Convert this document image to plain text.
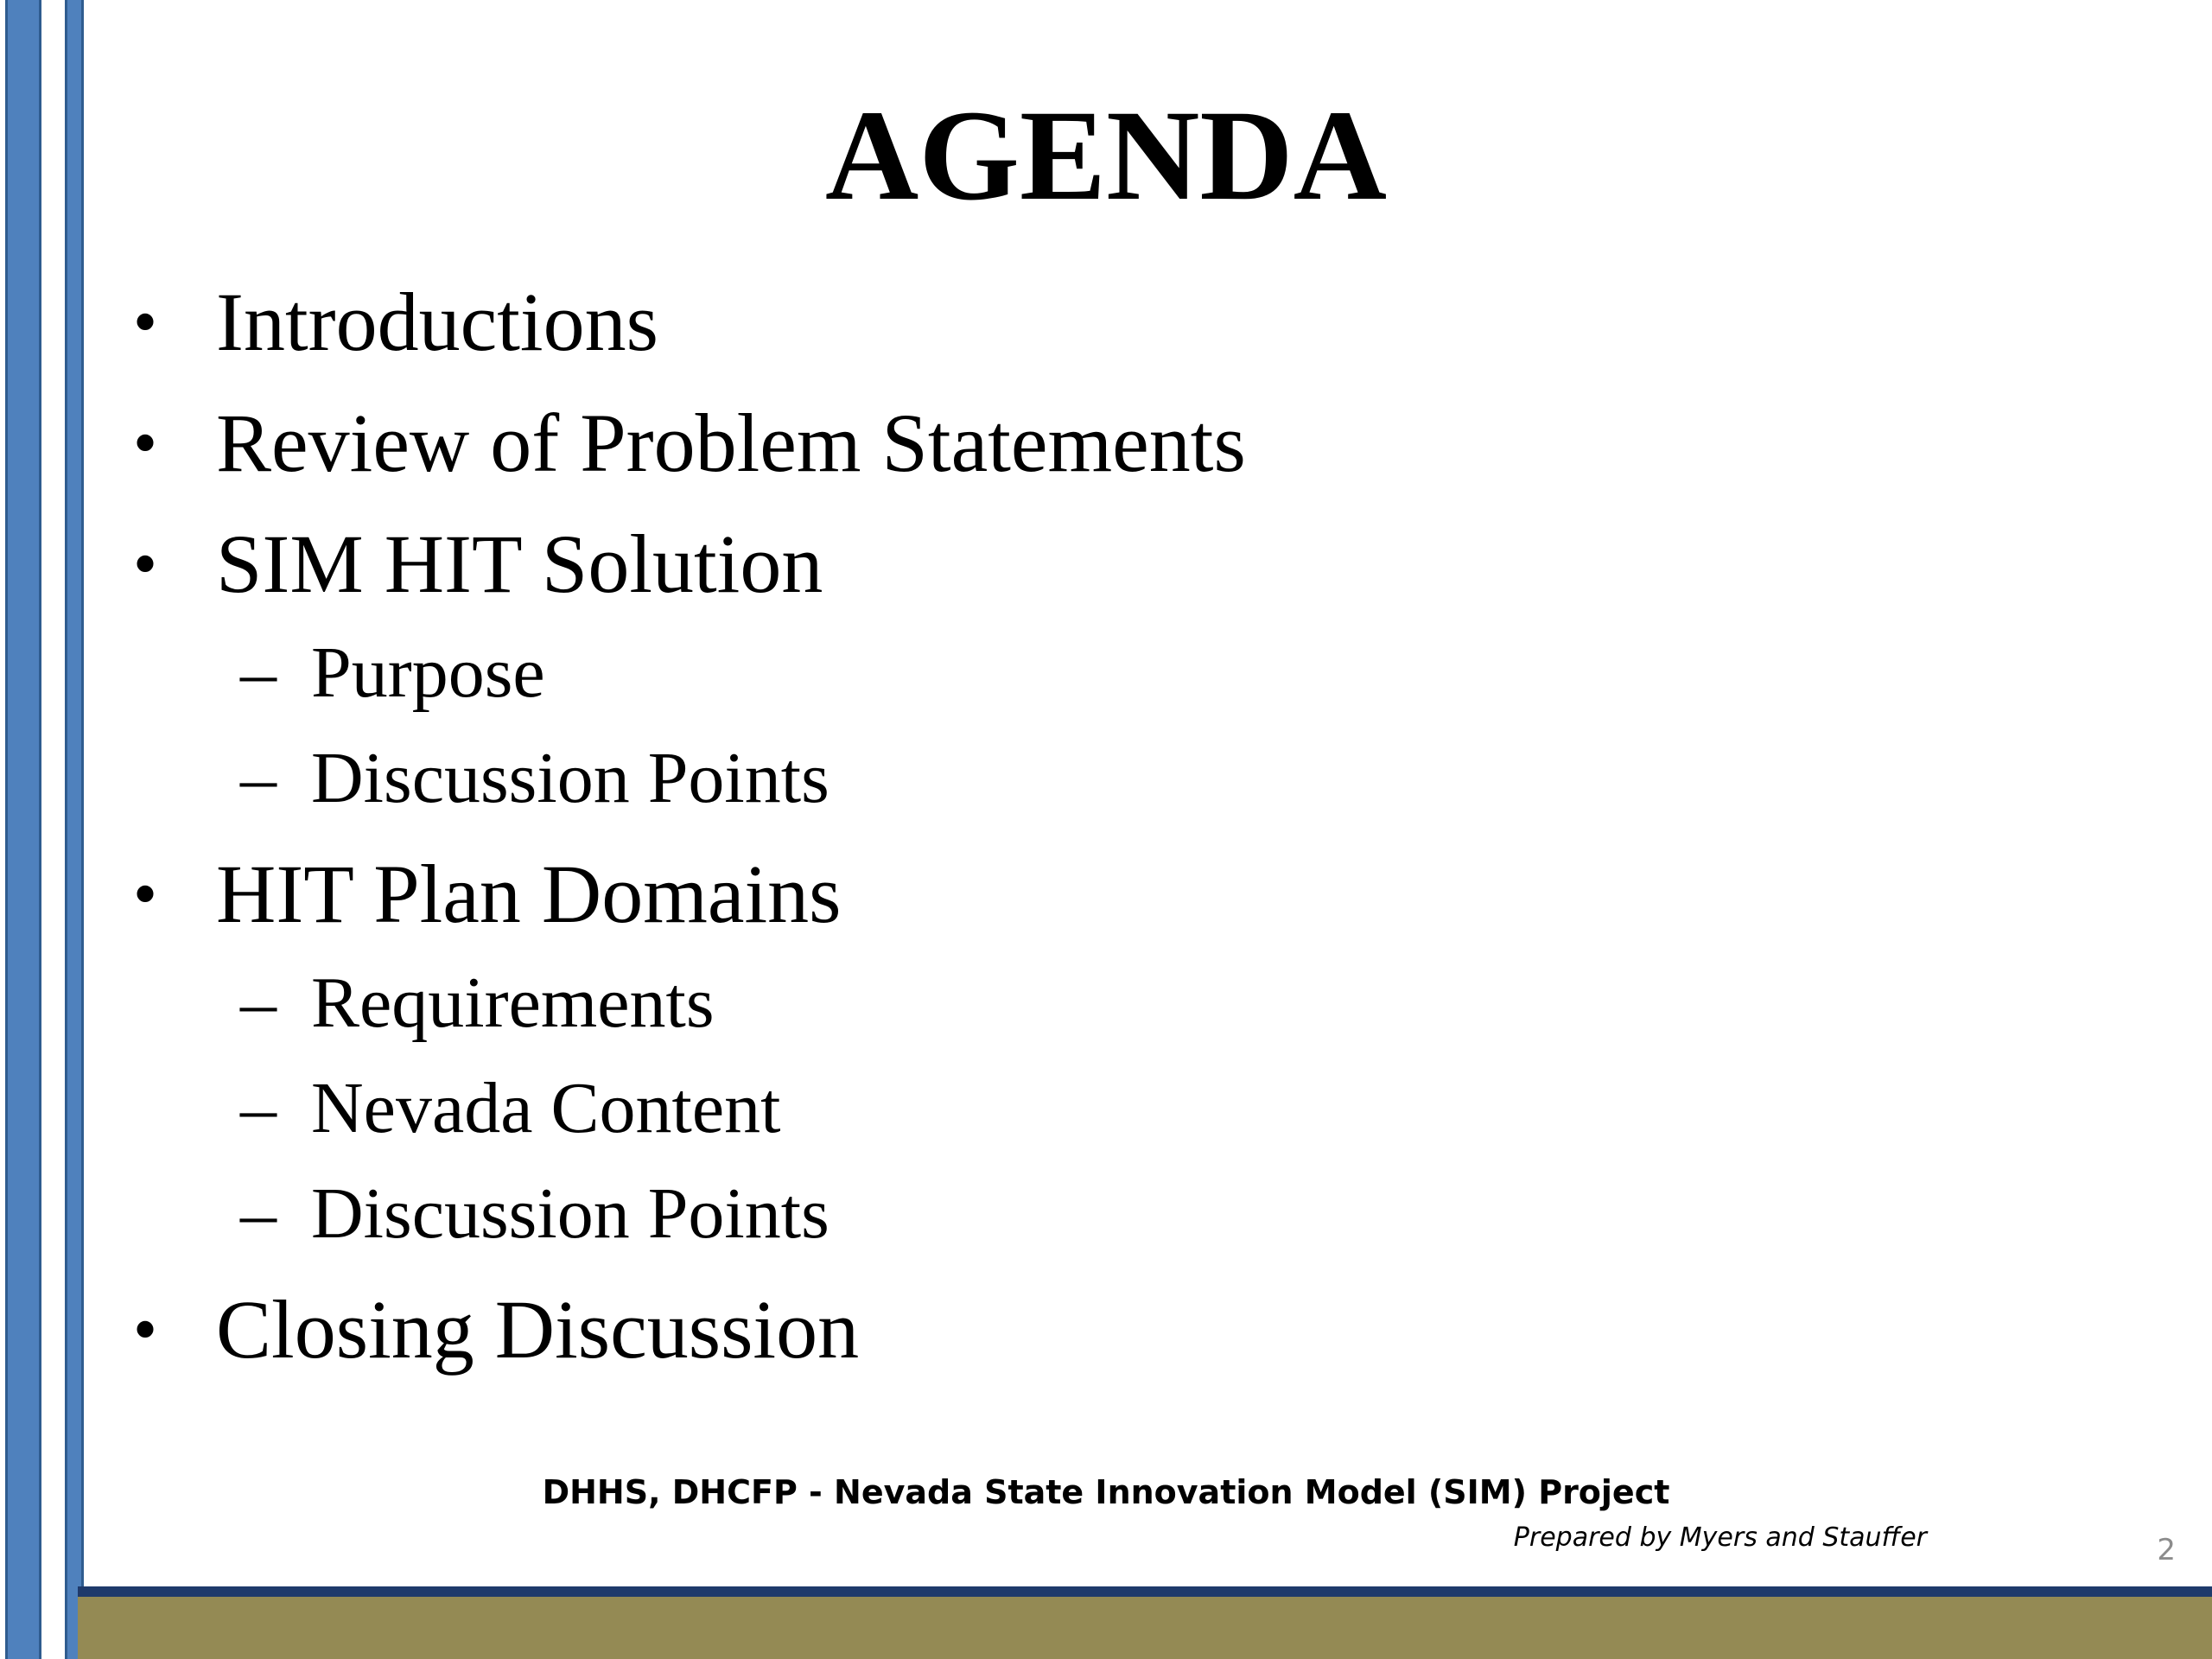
AGENDA
• Introductions
• Review of Problem Statements
• SIM HIT Solution
– Purpose
– Discussion Points
• HIT Plan Domains
– Requirements
– Nevada Content
– Discussion Points
• Closing Discussion
DHHS, DHCFP - Nevada State Innovation Model (SIM) Project
Prepared by Myers and Stauffer	2
